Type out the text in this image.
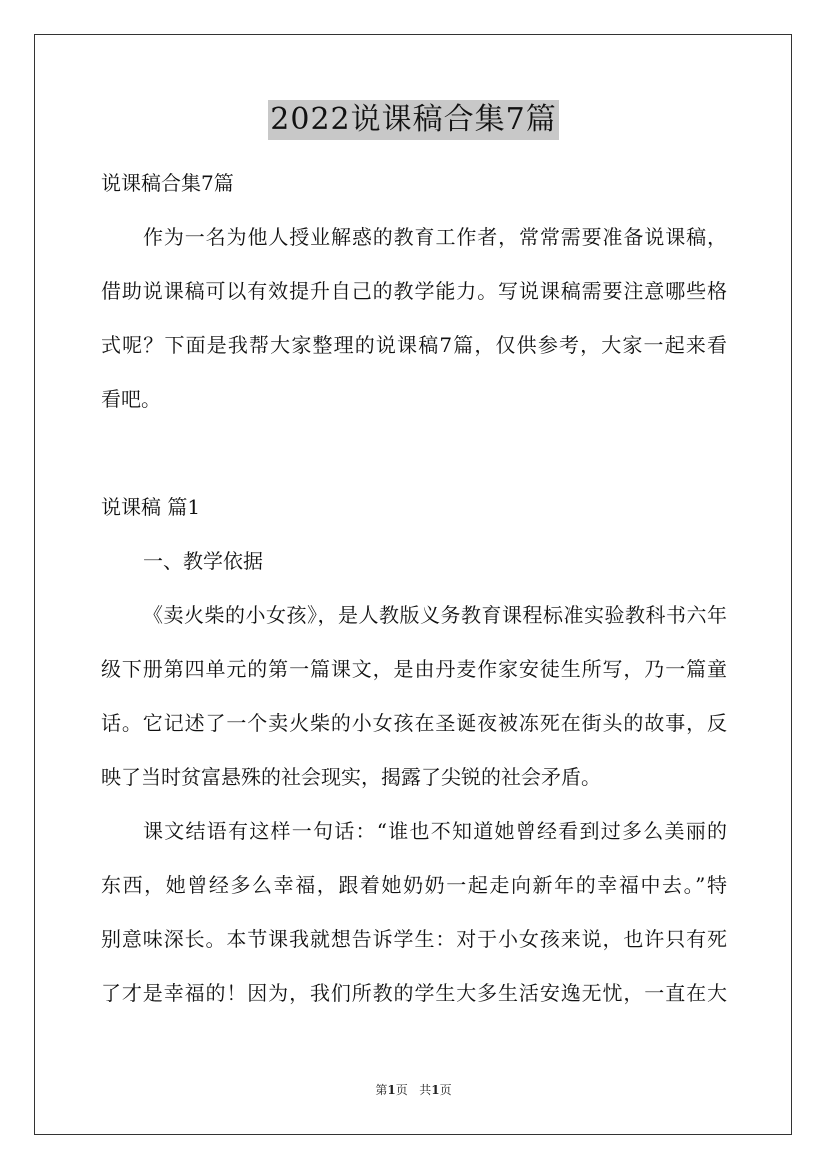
2022说课稿合集7篇
说课稿合集7篇
作为一名为他人授业解惑的教育工作者，常常需要准备说课稿，
借助说课稿可以有效提升自己的教学能力。写说课稿需要注意哪些格
式呢？下面是我帮大家整理的说课稿7篇，仅供参考，大家一起来看
看吧。
说课稿 篇1
一、教学依据
《卖火柴的小女孩》，是人教版义务教育课程标准实验教科书六年
级下册第四单元的第一篇课文，是由丹麦作家安徒生所写，乃一篇童
话。它记述了一个卖火柴的小女孩在圣诞夜被冻死在街头的故事，反
映了当时贫富悬殊的社会现实，揭露了尖锐的社会矛盾。
课文结语有这样一句话：“谁也不知道她曾经看到过多么美丽的
东西，她曾经多么幸福，跟着她奶奶一起走向新年的幸福中去。”特
别意味深长。本节课我就想告诉学生：对于小女孩来说，也许只有死
了才是幸福的！因为，我们所教的学生大多生活安逸无忧，一直在大
第1页 共1页
